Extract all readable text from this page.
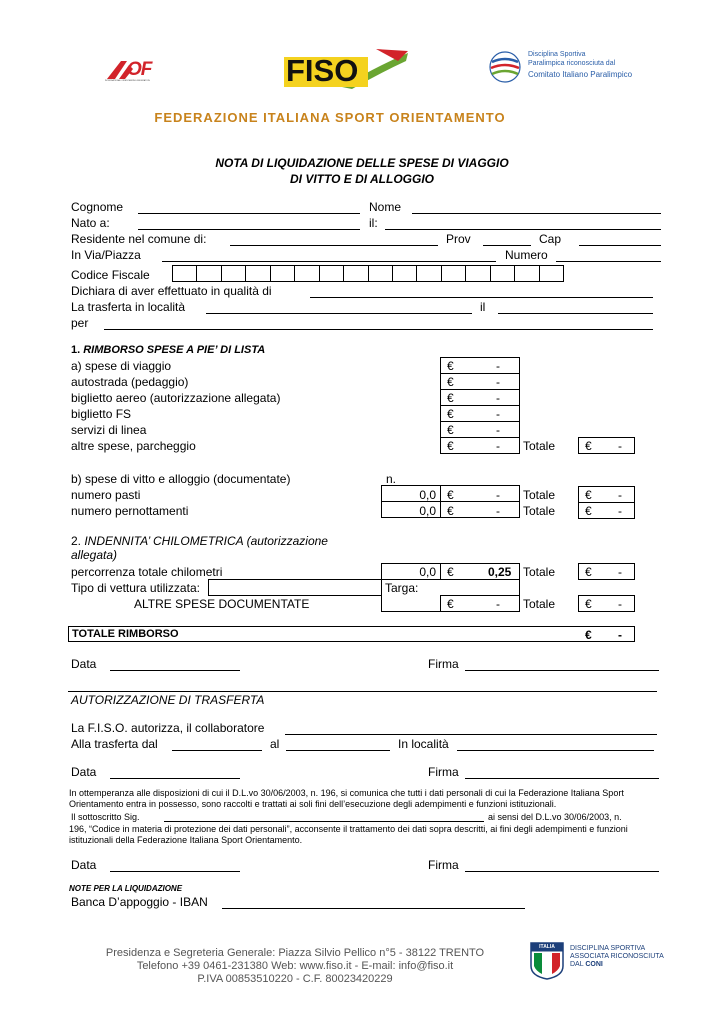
OF
INTERNATIONAL ORIENTEERING FEDERATION	FISO	Disciplina Sportiva
Paralimpica riconosciuta dal
Comitato Italiano Paralimpico
FEDERAZIONE ITALIANA SPORT ORIENTAMENTO
NOTA DI LIQUIDAZIONE DELLE SPESE DI VIAGGIO
DI VITTO E DI ALLOGGIO
Cognome	Nome
Nato a:	il:
Residente nel comune di:	Prov	Cap
In Via/Piazza	Numero
Codice Fiscale
Dichiara di aver effettuato in qualità di
La trasferta in località	il
per
1. RIMBORSO SPESE A PIE’ DI LISTA
a) spese di viaggio	€	-
autostrada (pedaggio)	€	-
biglietto aereo (autorizzazione allegata)	€	-
biglietto FS	€	-
servizi di linea	€	-
altre spese, parcheggio	€	- Totale € -
b) spese di vitto e alloggio (documentate)	n.
numero pasti	0,0 €	- Totale € -
numero pernottamenti	0,0 €	- Totale € -
2. INDENNITA’ CHILOMETRICA (autorizzazione
allegata)
percorrenza totale chilometri	0,0 €	0,25 Totale € -
Tipo di vettura utilizzata:	Targa:
ALTRE SPESE DOCUMENTATE	€	- Totale € -
TOTALE RIMBORSO	€ -
Data	Firma
AUTORIZZAZIONE DI TRASFERTA
La F.I.S.O. autorizza, il collaboratore
Alla trasferta dal	al	In località
Data	Firma
In ottemperanza alle disposizioni di cui il D.L.vo 30/06/2003, n. 196, si comunica che tutti i dati personali di cui la Federazione Italiana Sport Orientamento entra in possesso, sono raccolti e trattati ai soli fini dell’esecuzione degli adempimenti e funzioni istituzionali.
Il sottoscritto Sig.	ai sensi del D.L.vo 30/06/2003, n.
196, “Codice in materia di protezione dei dati personali”, acconsente il trattamento dei dati sopra descritti, ai fini degli adempimenti e funzioni istituzionali della Federazione Italiana Sport Orientamento.
Data	Firma
NOTE PER LA LIQUIDAZIONE
Banca D’appoggio - IBAN
Presidenza e Segreteria Generale: Piazza Silvio Pellico n°5 - 38122 TRENTO
Telefono +39 0461-231380 Web: www.fiso.it - E-mail: info@fiso.it
P.IVA 00853510220 - C.F. 80023420229
ITALIA	DISCIPLINA SPORTIVA
ASSOCIATA RICONOSCIUTA
DAL CONI
